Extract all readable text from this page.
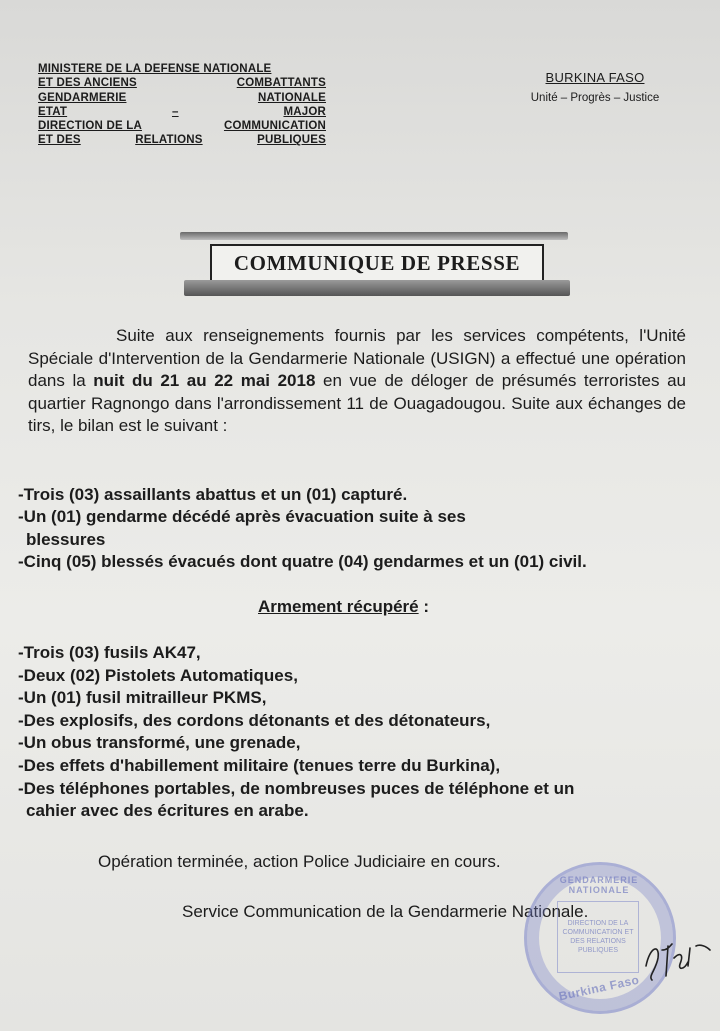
MINISTERE DE LA DEFENSE NATIONALE
ET DES ANCIENS	COMBATTANTS
GENDARMERIE	NATIONALE
ETAT	–	MAJOR
DIRECTION DE LA	COMMUNICATION
ET DES	RELATIONS	PUBLIQUES
BURKINA FASO
Unité – Progrès – Justice
COMMUNIQUE DE PRESSE

Suite aux renseignements fournis par les services compétents, l'Unité Spéciale d'Intervention de la Gendarmerie Nationale (USIGN) a effectué une opération dans la nuit du 21 au 22 mai 2018 en vue de déloger de présumés terroristes au quartier Ragnongo dans l'arrondissement 11 de Ouagadougou. Suite aux échanges de tirs, le bilan est le suivant :

-Trois (03) assaillants abattus et un (01) capturé.
-Un (01) gendarme décédé après évacuation suite à ses
blessures
-Cinq (05) blessés évacués dont quatre (04) gendarmes et un (01) civil.
Armement récupéré :
-Trois (03) fusils AK47,
-Deux (02) Pistolets Automatiques,
-Un (01) fusil mitrailleur PKMS,
-Des explosifs, des cordons détonants et des détonateurs,
-Un obus transformé, une grenade,
-Des effets d'habillement militaire (tenues terre du Burkina),
-Des téléphones portables, de nombreuses puces de téléphone et un
cahier avec des écritures en arabe.
Opération terminée, action Police Judiciaire en cours.
Service Communication de la Gendarmerie Nationale.
GENDARMERIE NATIONALE
DIRECTION DE LA COMMUNICATION ET DES RELATIONS PUBLIQUES
Burkina Faso
